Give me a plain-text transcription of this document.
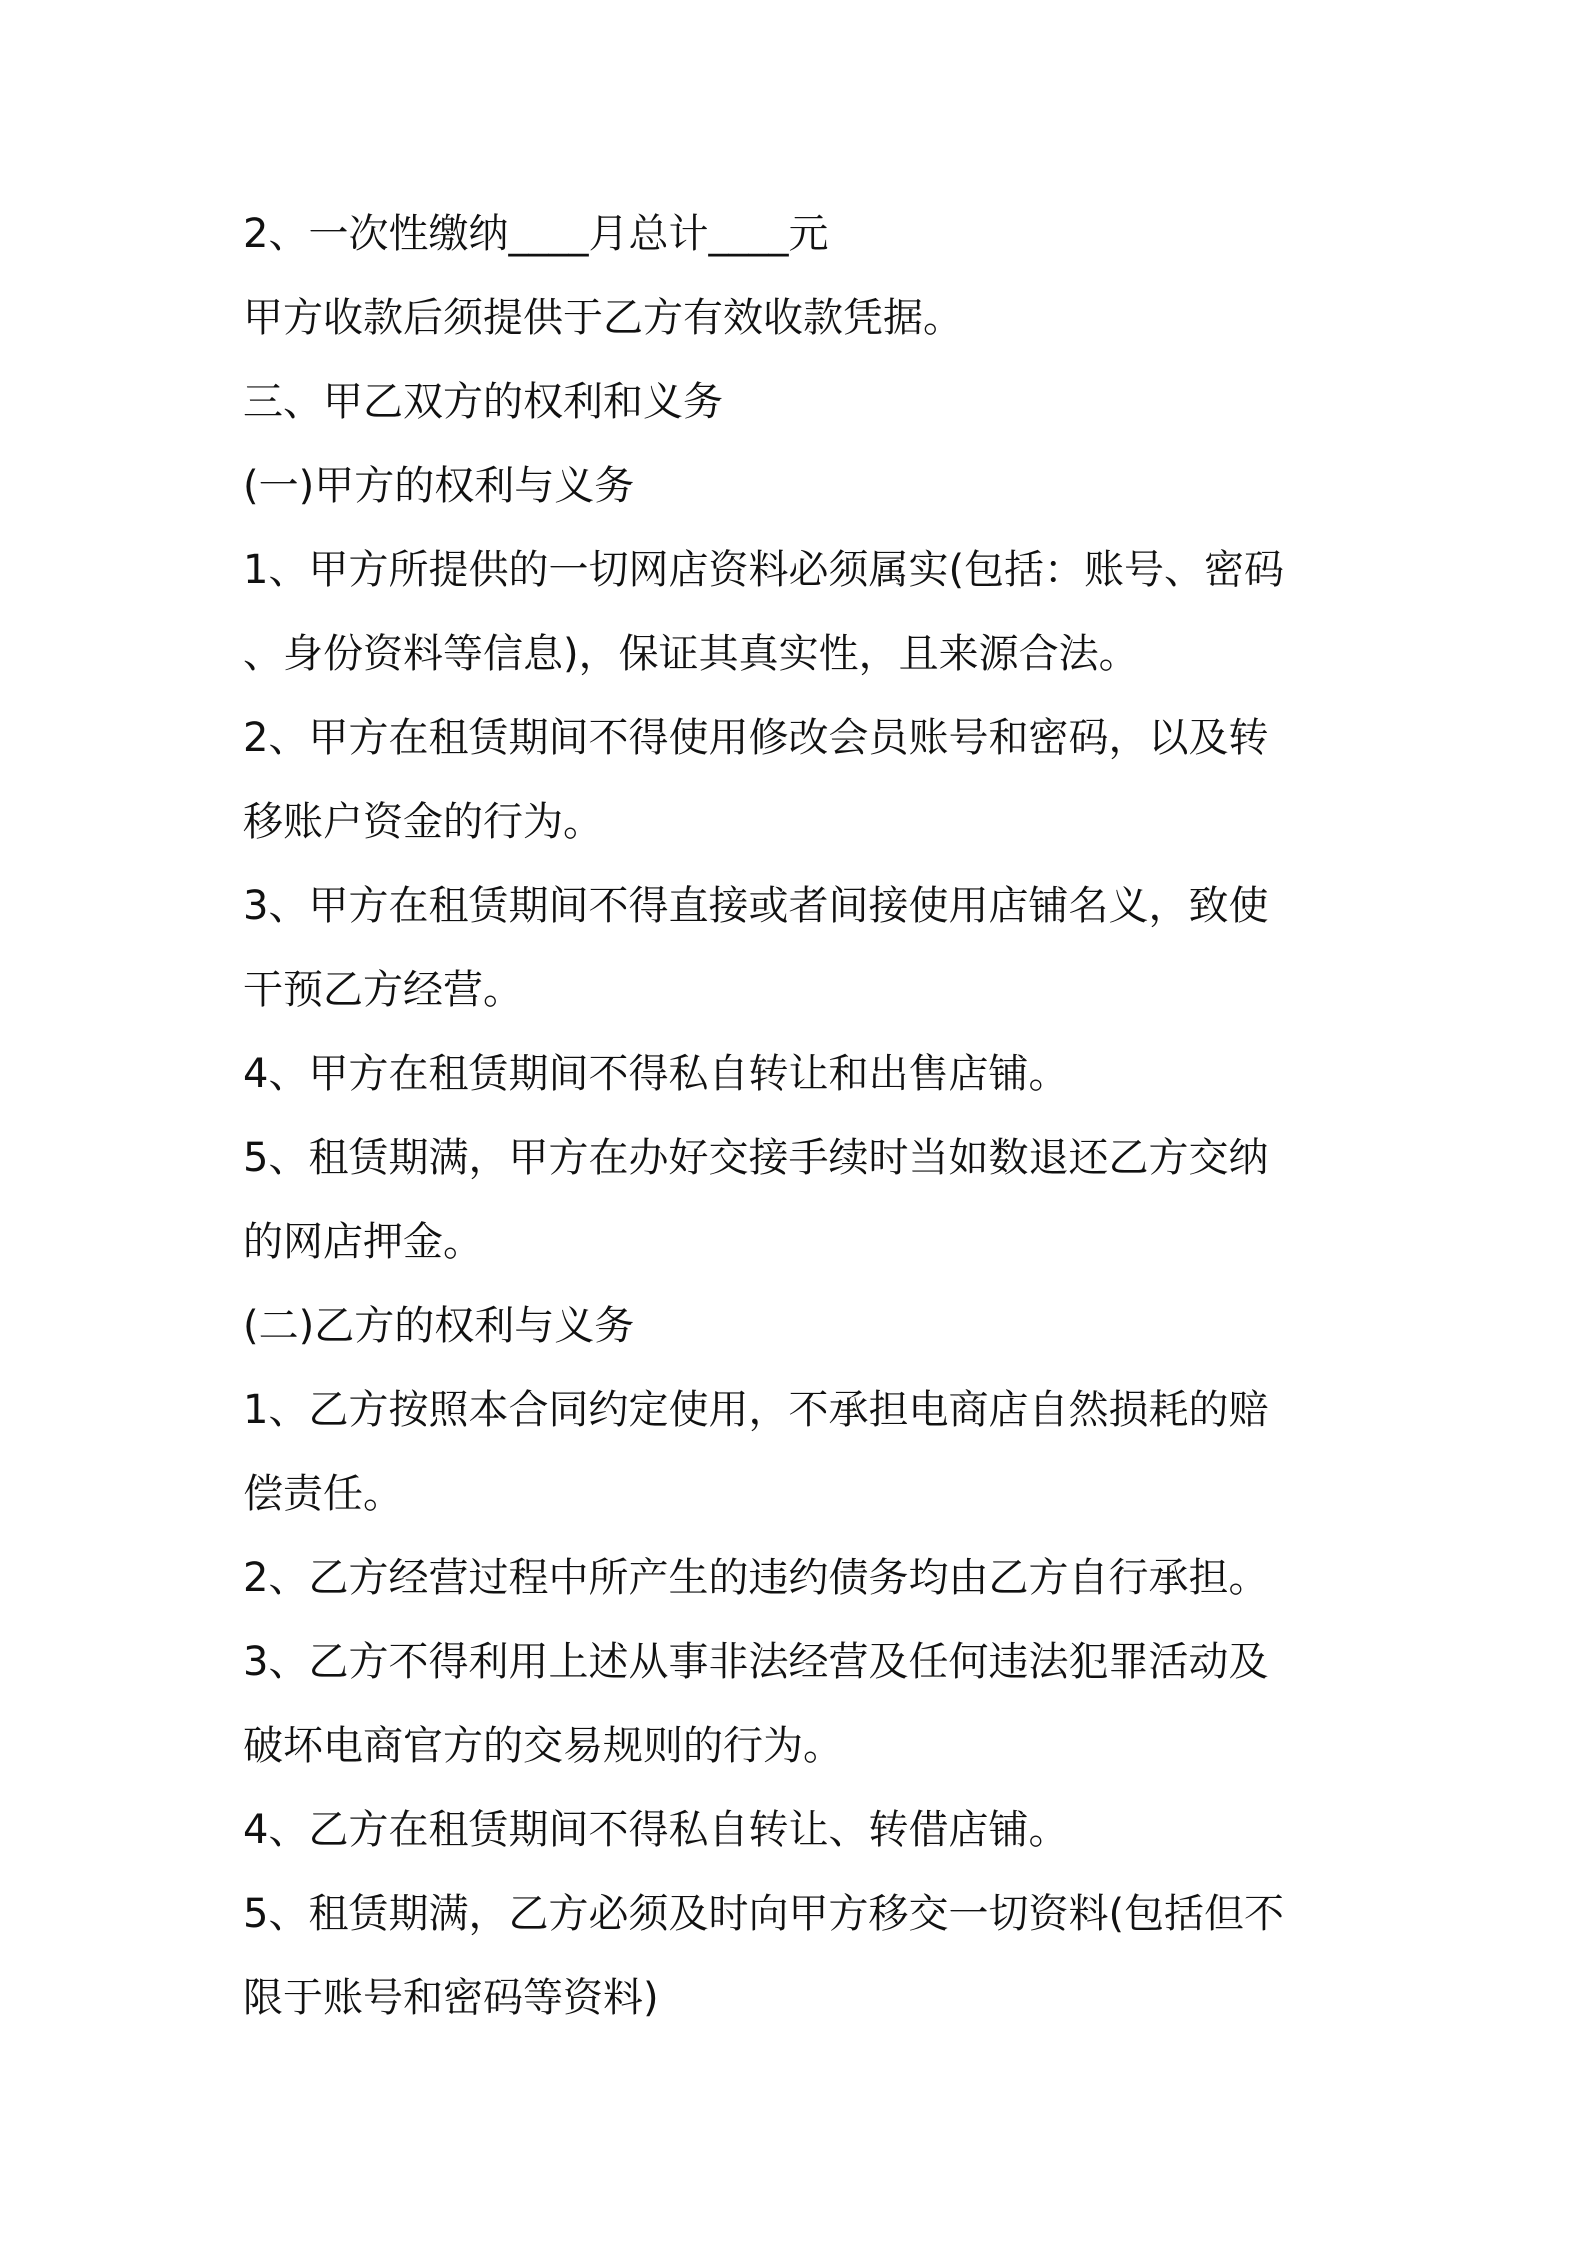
2、一次性缴纳____月总计____元
甲方收款后须提供于乙方有效收款凭据。
三、甲乙双方的权利和义务
(一)甲方的权利与义务
1、甲方所提供的一切网店资料必须属实(包括：账号、密码
、身份资料等信息)，保证其真实性，且来源合法。
2、甲方在租赁期间不得使用修改会员账号和密码，以及转
移账户资金的行为。
3、甲方在租赁期间不得直接或者间接使用店铺名义，致使
干预乙方经营。
4、甲方在租赁期间不得私自转让和出售店铺。
5、租赁期满，甲方在办好交接手续时当如数退还乙方交纳
的网店押金。
(二)乙方的权利与义务
1、乙方按照本合同约定使用，不承担电商店自然损耗的赔
偿责任。
2、乙方经营过程中所产生的违约债务均由乙方自行承担。
3、乙方不得利用上述从事非法经营及任何违法犯罪活动及
破坏电商官方的交易规则的行为。
4、乙方在租赁期间不得私自转让、转借店铺。
5、租赁期满，乙方必须及时向甲方移交一切资料(包括但不
限于账号和密码等资料)
